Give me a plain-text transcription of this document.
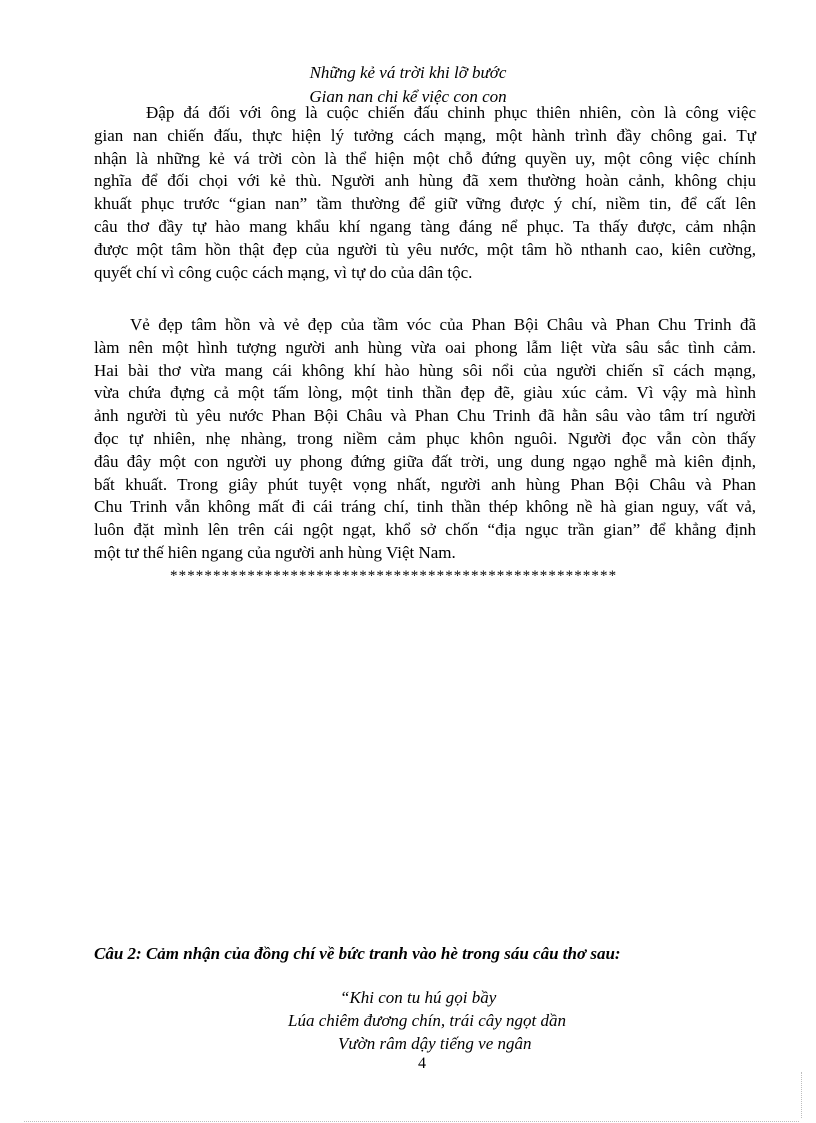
Những kẻ vá trời khi lỡ bước
Gian nan chi kể việc con con
Đập đá đối với ông là cuộc chiến đấu chinh phục thiên nhiên, còn là công việc
gian nan chiến đấu, thực hiện lý tưởng cách mạng, một hành trình đầy chông gai. Tự
nhận là những kẻ vá trời còn là thể hiện một chỗ đứng quyền uy, một công việc chính
nghĩa để đối chọi với kẻ thù. Người anh hùng đã xem thường hoàn cảnh, không chịu
khuất phục trước “gian nan” tầm thường để giữ vững được ý chí, niềm tin, để cất lên
câu thơ đầy tự hào mang khẩu khí ngang tàng đáng nể phục. Ta thấy được, cảm nhận
được một tâm hồn thật đẹp của người tù yêu nước, một tâm hồ nthanh cao, kiên cường,
quyết chí vì công cuộc cách mạng, vì tự do của dân tộc.
Vẻ đẹp tâm hồn và vẻ đẹp của tầm vóc của Phan Bội Châu và Phan Chu Trinh đã
làm nên một hình tượng người anh hùng vừa oai phong lẫm liệt vừa sâu sắc tình cảm.
Hai bài thơ vừa mang cái không khí hào hùng sôi nổi của người chiến sĩ cách mạng,
vừa chứa đựng cả một tấm lòng, một tinh thần đẹp đẽ, giàu xúc cảm. Vì vậy mà hình
ảnh người tù yêu nước Phan Bội Châu và Phan Chu Trinh đã hằn sâu vào tâm trí người
đọc tự nhiên, nhẹ nhàng, trong niềm cảm phục khôn nguôi. Người đọc vẫn còn thấy
đâu đây một con người uy phong đứng giữa đất trời, ung dung ngạo nghễ mà kiên định,
bất khuất. Trong giây phút tuyệt vọng nhất, người anh hùng Phan Bội Châu và Phan
Chu Trinh vẫn không mất đi cái tráng chí, tinh thần thép không nề hà gian nguy, vất vả,
luôn đặt mình lên trên cái ngột ngạt, khổ sở chốn “địa ngục trần gian” để khẳng định
một tư thế hiên ngang của người anh hùng Việt Nam.
****************************************************
Câu 2: Cảm nhận của đồng chí về bức tranh vào hè trong sáu câu thơ sau:
“Khi con tu hú gọi bầy
Lúa chiêm đương chín, trái cây ngọt dần
Vườn râm dậy tiếng ve ngân
4
